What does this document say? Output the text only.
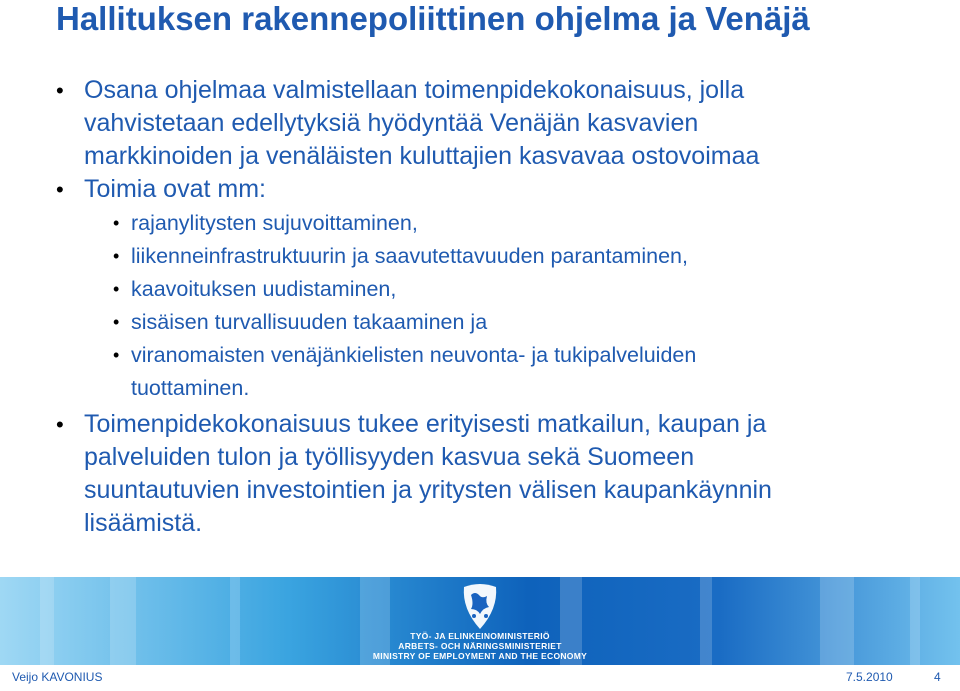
Hallituksen rakennepoliittinen ohjelma ja Venäjä
• Osana ohjelmaa valmistellaan toimenpidekokonaisuus, jolla
vahvistetaan edellytyksiä hyödyntää Venäjän kasvavien
markkinoiden ja venäläisten kuluttajien kasvavaa ostovoimaa
• Toimia ovat mm:
• rajanylitysten sujuvoittaminen,
• liikenneinfrastruktuurin ja saavutettavuuden parantaminen,
• kaavoituksen uudistaminen,
• sisäisen turvallisuuden takaaminen ja
• viranomaisten venäjänkielisten neuvonta- ja tukipalveluiden
tuottaminen.
• Toimenpidekokonaisuus tukee erityisesti matkailun, kaupan ja
palveluiden tulon ja työllisyyden kasvua sekä Suomeen
suuntautuvien investointien ja yritysten välisen kaupankäynnin
lisäämistä.
TYÖ- JA ELINKEINOMINISTERIÖ
ARBETS- OCH NÄRINGSMINISTERIET
MINISTRY OF EMPLOYMENT AND THE ECONOMY
Veijo KAVONIUS	7.5.2010	4
